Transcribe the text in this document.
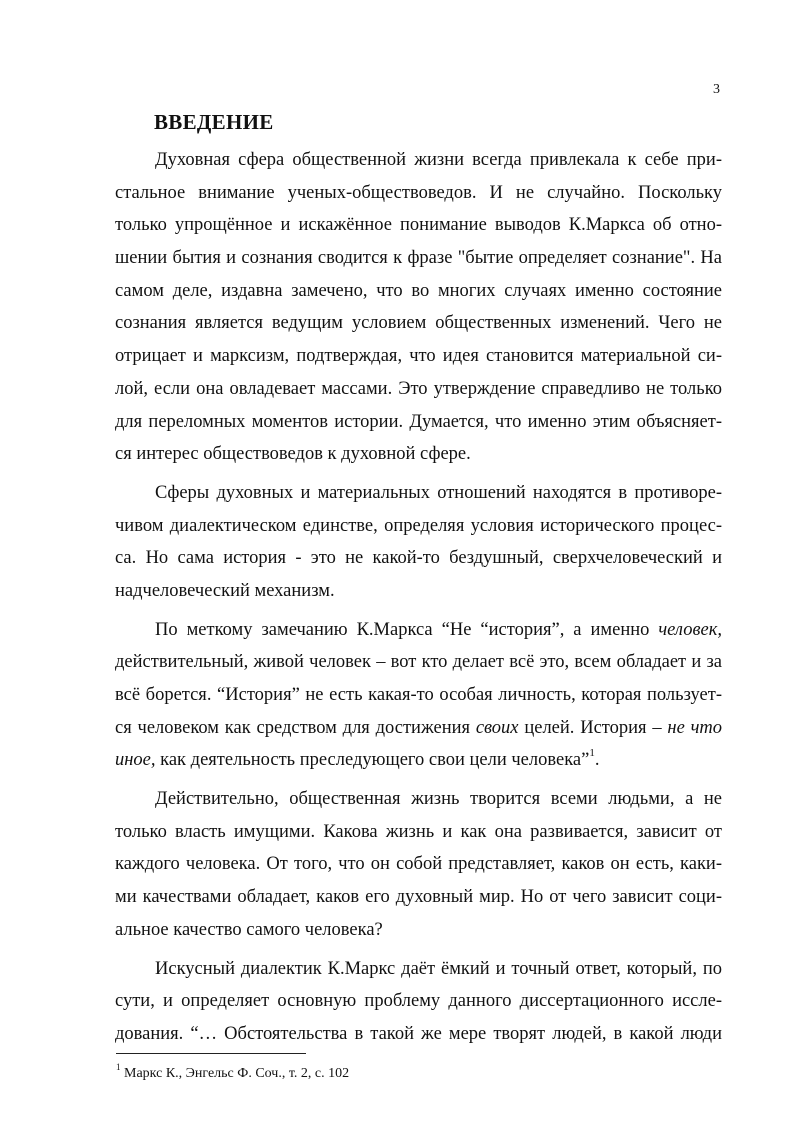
3
ВВЕДЕНИЕ
Духовная сфера общественной жизни всегда привлекала к себе при-
стальное внимание ученых-обществоведов. И не случайно. Поскольку
только упрощённое и искажённое понимание выводов К.Маркса об отно-
шении бытия и сознания сводится к фразе "бытие определяет сознание". На
самом деле, издавна замечено, что во многих случаях именно состояние
сознания является ведущим условием общественных изменений. Чего не
отрицает и марксизм, подтверждая, что идея становится материальной си-
лой, если она овладевает массами. Это утверждение справедливо не только
для переломных моментов истории. Думается, что именно этим объясняет-
ся интерес обществоведов к духовной сфере.
Сферы духовных и материальных отношений находятся в противоре-
чивом диалектическом единстве, определяя условия исторического процес-
са. Но сама история - это не какой-то бездушный, сверхчеловеческий и
надчеловеческий механизм.
По меткому замечанию К.Маркса “Не “история”, а именно человек,
действительный, живой человек – вот кто делает всё это, всем обладает и за
всё борется. “История” не есть какая-то особая личность, которая пользует-
ся человеком как средством для достижения своих целей. История – не что
иное, как деятельность преследующего свои цели человека”$^1$.
Действительно, общественная жизнь творится всеми людьми, а не
только власть имущими. Какова жизнь и как она развивается, зависит от
каждого человека. От того, что он собой представляет, каков он есть, каки-
ми качествами обладает, каков его духовный мир. Но от чего зависит соци-
альное качество самого человека?
Искусный диалектик К.Маркс даёт ёмкий и точный ответ, который, по
сути, и определяет основную проблему данного диссертационного иссле-
дования. “… Обстоятельства в такой же мере творят людей, в какой люди
$^1$ Маркс К., Энгельс Ф. Соч., т. 2, с. 102
